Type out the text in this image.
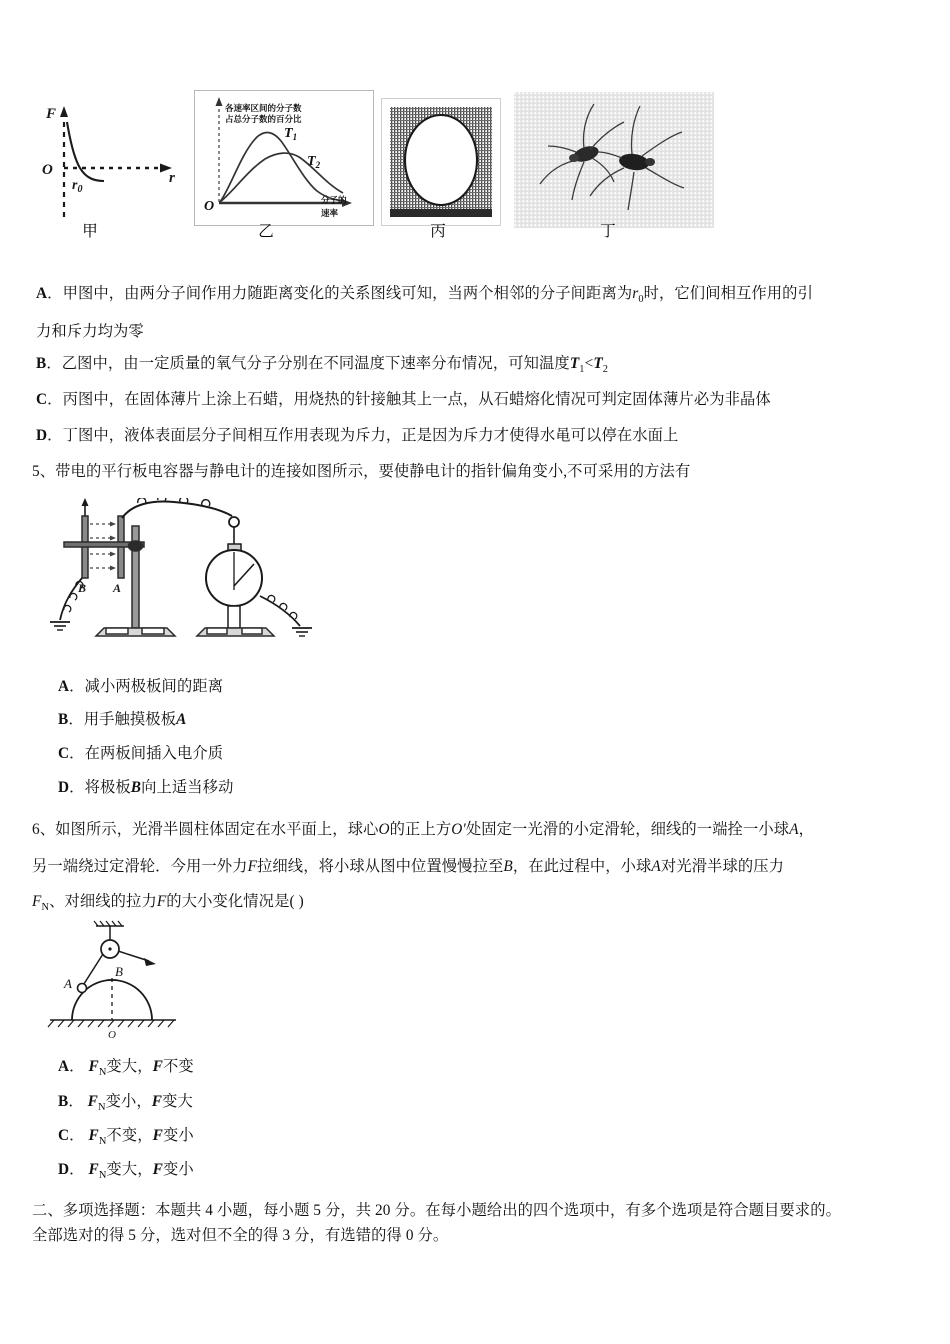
F
O	r
$r_0$
各速率区间的分子数
占总分子数的百分比
$T_1$
$T_2$
O	分子的
速率
甲	乙	丙	丁
A．甲图中，由两分子间作用力随距离变化的关系图线可知，当两个相邻的分子间距离为$r_0$时，它们间相互作用的引
力和斥力均为零
B．乙图中，由一定质量的氧气分子分别在不同温度下速率分布情况，可知温度$T_1<T_2$
C．丙图中，在固体薄片上涂上石蜡，用烧热的针接触其上一点，从石蜡熔化情况可判定固体薄片必为非晶体
D．丁图中，液体表面层分子间相互作用表现为斥力，正是因为斥力才使得水黾可以停在水面上
5、带电的平行板电容器与静电计的连接如图所示，要使静电计的指针偏角变小,不可采用的方法有
B A
A．减小两极板间的距离
B．用手触摸极板A
C．在两板间插入电介质
D．将极板B向上适当移动
6、如图所示，光滑半圆柱体固定在水平面上，球心O的正上方O′处固定一光滑的小定滑轮，细线的一端拴一小球A，
另一端绕过定滑轮．今用一外力F拉细线，将小球从图中位置慢慢拉至B，在此过程中，小球A对光滑半球的压力
$F_N$、对细线的拉力F的大小变化情况是( )
A
B
O
A． $F_N$变大，F不变
B． $F_N$变小，F变大
C． $F_N$不变，F变小
D． $F_N$变大，F变小
二、多项选择题：本题共 4 小题，每小题 5 分，共 20 分。在每小题给出的四个选项中，有多个选项是符合题目要求的。
全部选对的得 5 分，选对但不全的得 3 分，有选错的得 0 分。
